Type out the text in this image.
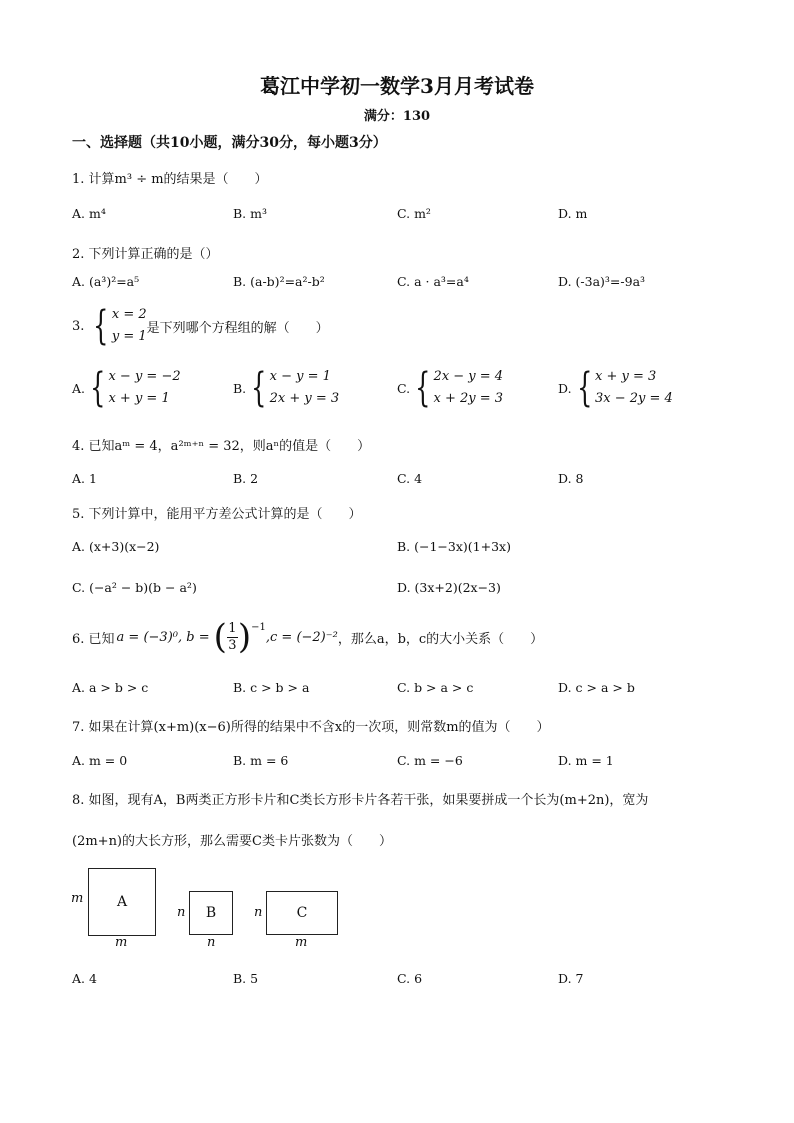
葛江中学初一数学3月月考试卷
满分：130
一、选择题（共10小题，满分30分，每小题3分）
1. 计算m³ ÷ m的结果是（　　）
A. m⁴	B. m³	C. m²	D. m
2. 下列计算正确的是（）
A. (a³)²=a⁵	B. (a-b)²=a²-b²	C. a · a³=a⁴	D. (-3a)³=-9a³
3. { x = 2
y = 1
是下列哪个方程组的解（　　）
A. { x − y = −2
x + y = 1
B. { x − y = 1
2x + y = 3
C. { 2x − y = 4
x + 2y = 3
D. { x + y = 3
3x − 2y = 4
4. 已知aᵐ = 4，a²ᵐ⁺ⁿ = 32，则aⁿ的值是（　　）
A. 1	B. 2	C. 4	D. 8
5. 下列计算中，能用平方差公式计算的是（　　）
A. (x+3)(x−2)	B. (−1−3x)(1+3x)
C. (−a² − b)(b − a²)	D. (3x+2)(2x−3)
6. 已知 a = (−3)⁰, b = ( 1
3 ) −1
,c = (−2)⁻² ，那么a，b，c的大小关系（　　）
A. a > b > c	B. c > b > a	C. b > a > c	D. c > a > b
7. 如果在计算(x+m)(x−6)所得的结果中不含x的一次项，则常数m的值为（　　）
A. m = 0	B. m = 6	C. m = −6	D. m = 1
8. 如图，现有A，B两类正方形卡片和C类长方形卡片各若干张，如果要拼成一个长为(m+2n)，宽为
(2m+n)的大长方形，那么需要C类卡片张数为（　　）
m	A
m
n	B
n
n	C
m
A. 4	B. 5	C. 6	D. 7
